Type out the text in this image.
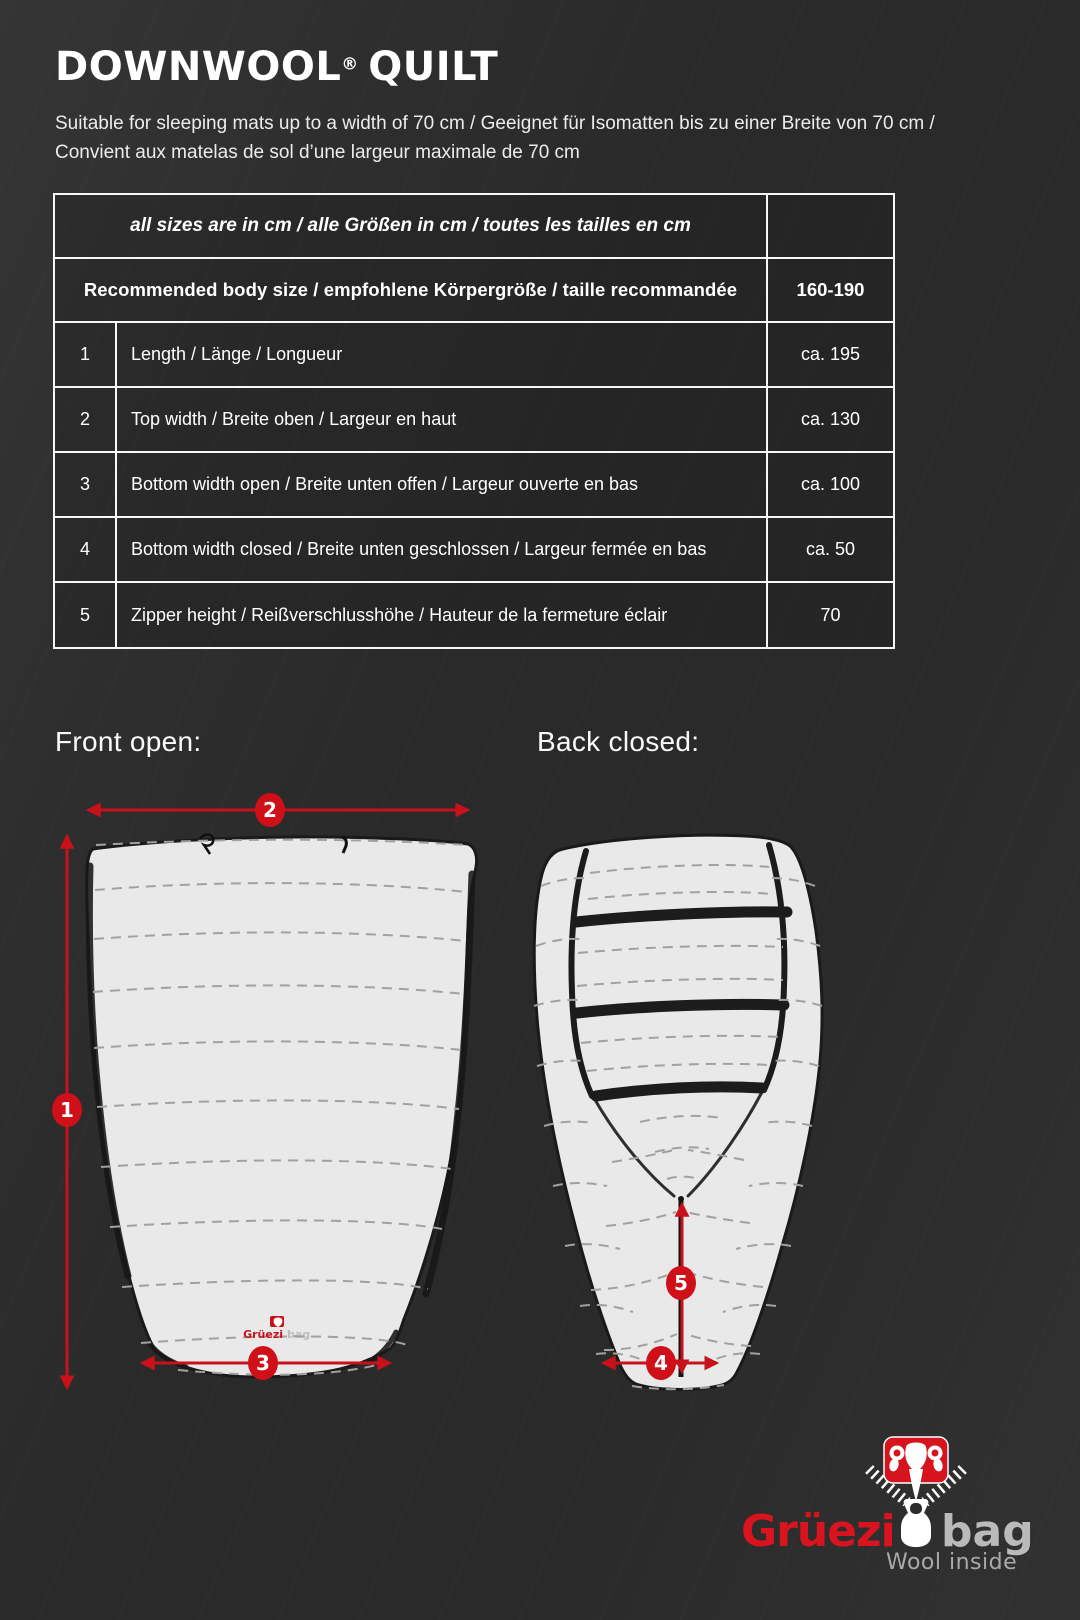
DOWNWOOL® QUILT
Suitable for sleeping mats up to a width of 70 cm / Geeignet für Isomatten bis zu einer Breite von 70 cm /
Convient aux matelas de sol d’une largeur maximale de 70 cm
all sizes are in cm / alle Größen in cm / toutes les tailles en cm
Recommended body size / empfohlene Körpergröße / taille recommandée	160-190
1	Length / Länge / Longueur	ca. 195
2	Top width / Breite oben / Largeur en haut	ca. 130
3	Bottom width open / Breite unten offen / Largeur ouverte en bas	ca. 100
4	Bottom width closed / Breite unten geschlossen / Largeur fermée en bas	ca. 50
5	Zipper height / Reißverschlusshöhe / Hauteur de la fermeture éclair	70
Front open:	Back closed:
Grüezi bag
2
1
3	4
5
Grüezi bag
Wool inside
